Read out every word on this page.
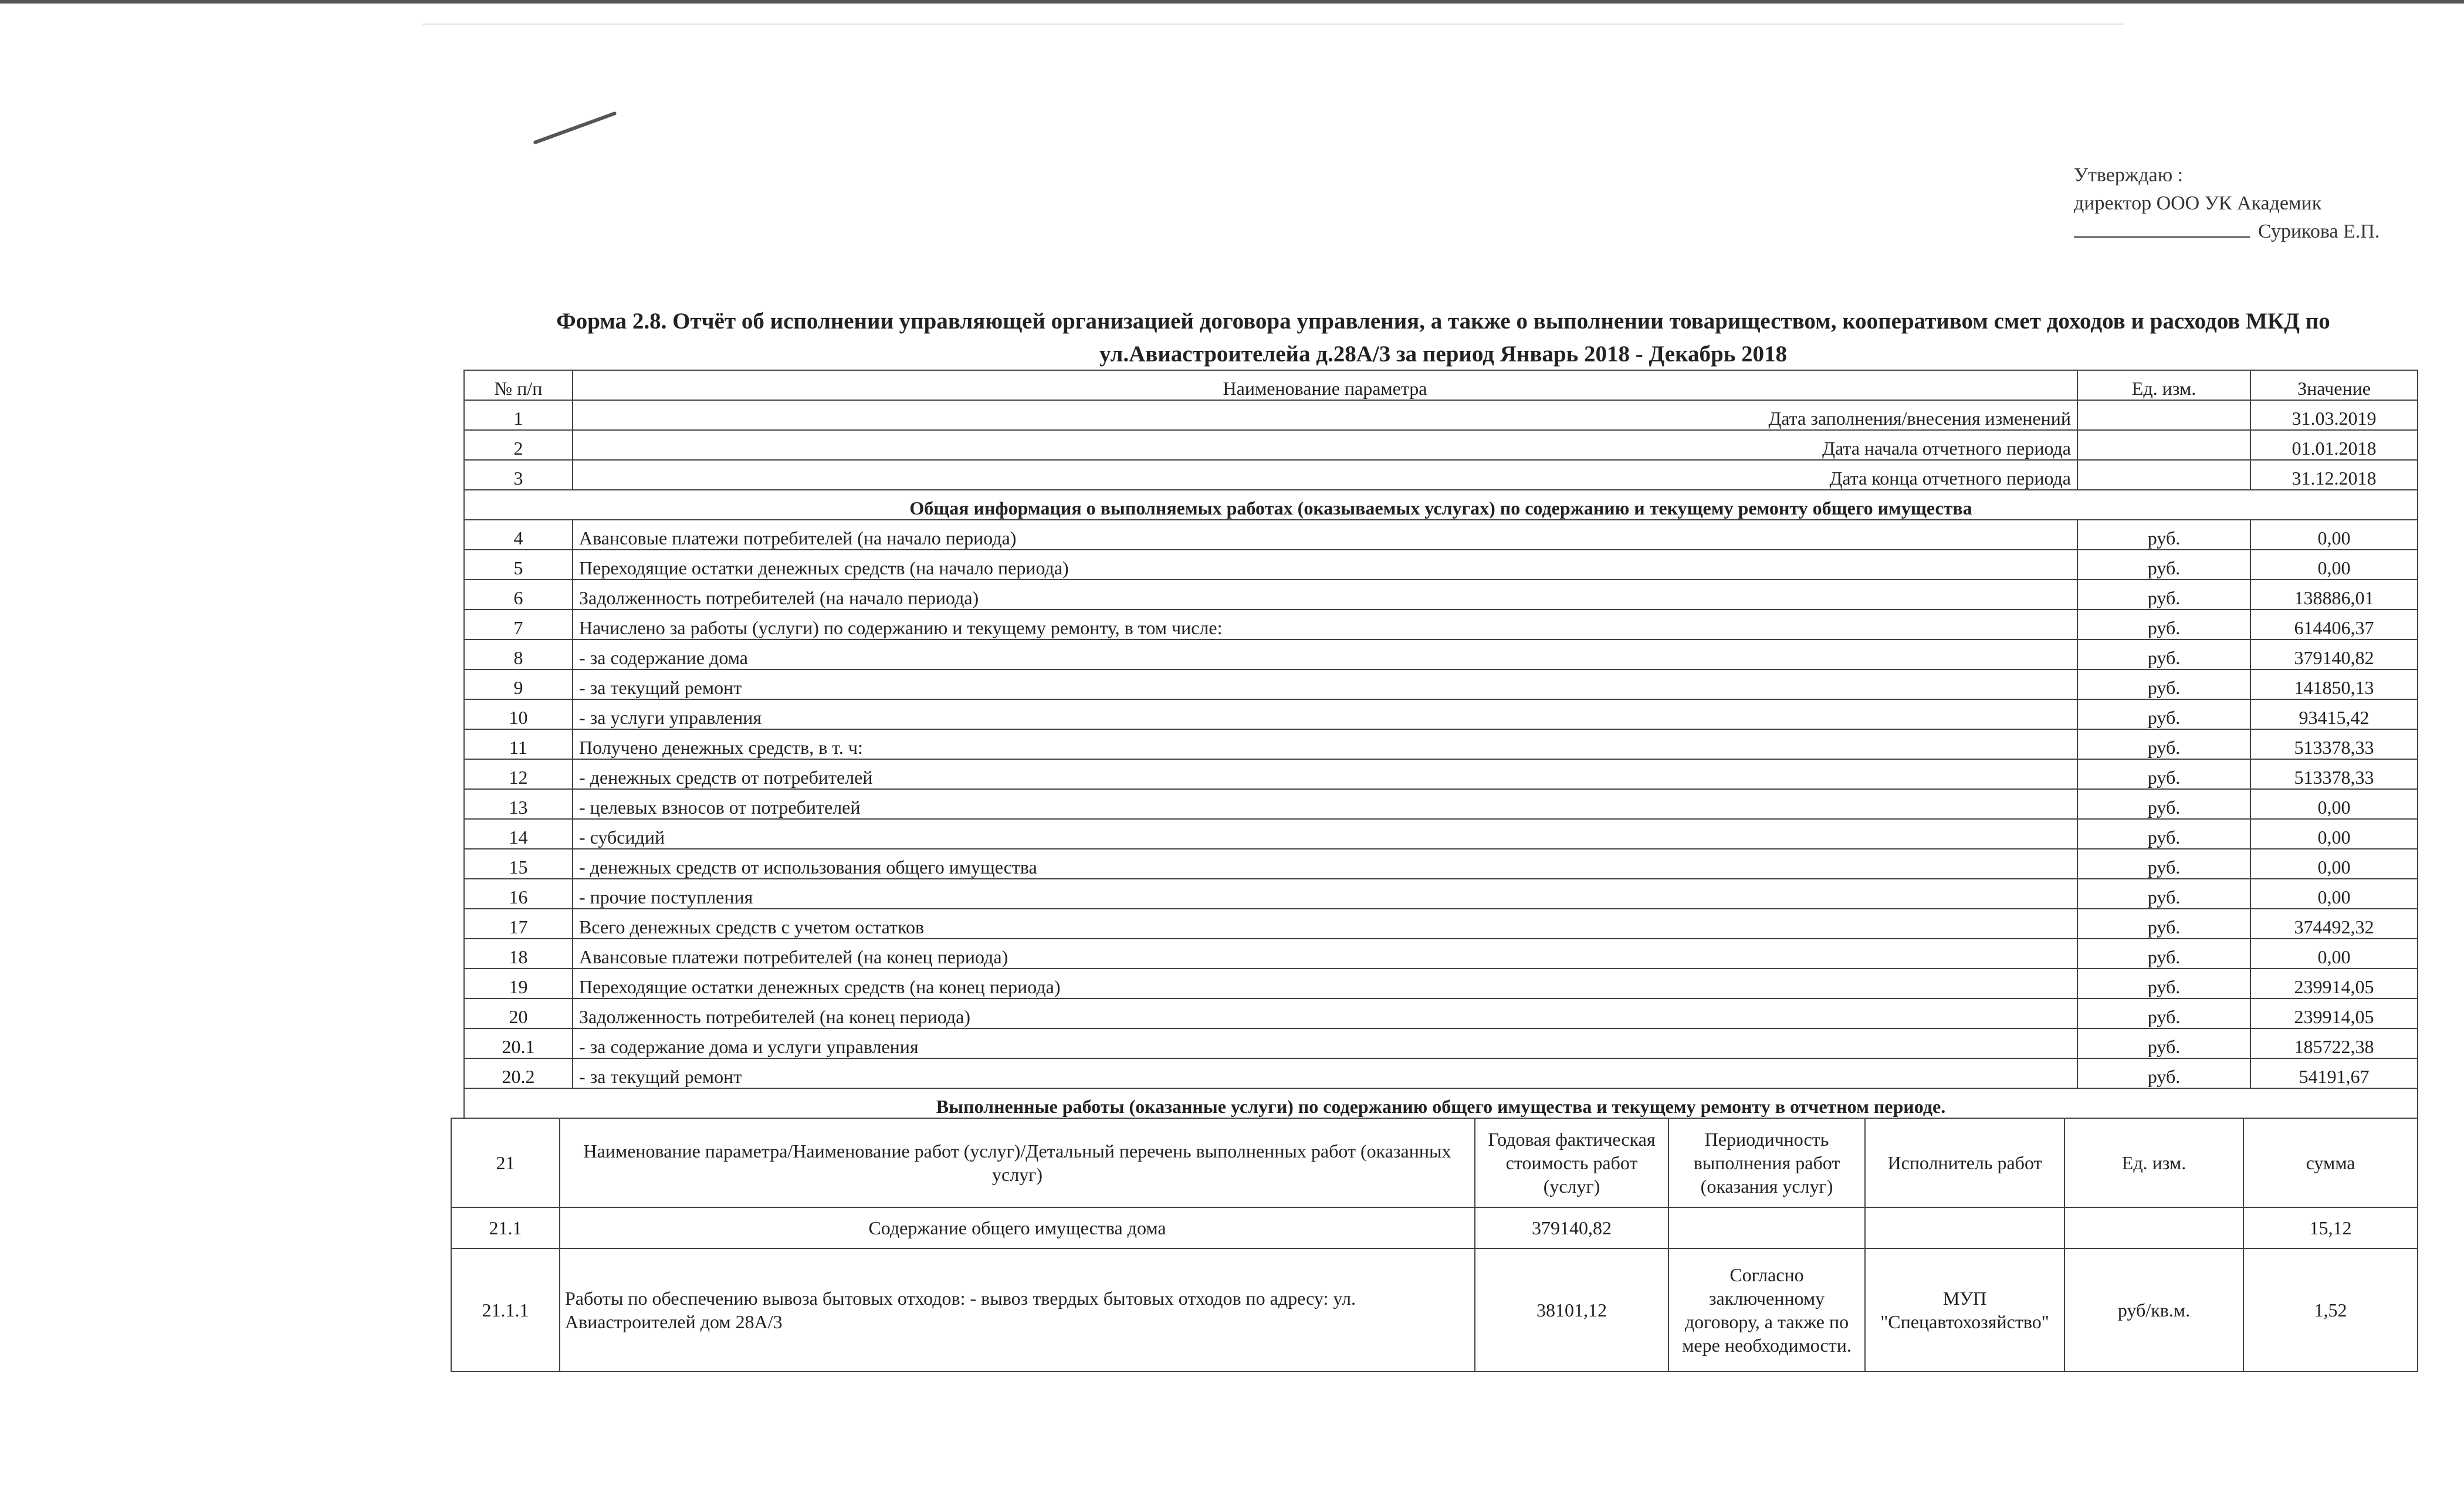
Утверждаю :
директор ООО УК Академик
Сурикова Е.П.
Форма 2.8. Отчёт об исполнении управляющей организацией договора управления, а также о выполнении товариществом, кооперативом смет доходов и расходов МКД по
ул.Авиастроителейа д.28А/3 за период Январь 2018 - Декабрь 2018
№ п/п	Наименование параметра	Ед. изм.	Значение
1	Дата заполнения/внесения изменений		31.03.2019
2	Дата начала отчетного периода		01.01.2018
3	Дата конца отчетного периода		31.12.2018
Общая информация о выполняемых работах (оказываемых услугах) по содержанию и текущему ремонту общего имущества			
4	Авансовые платежи потребителей (на начало периода)	руб.	0,00
5	Переходящие остатки денежных средств (на начало периода)	руб.	0,00
6	Задолженность потребителей (на начало периода)	руб.	138886,01
7	Начислено за работы (услуги) по содержанию и текущему ремонту, в том числе:	руб.	614406,37
8	- за содержание дома	руб.	379140,82
9	- за текущий ремонт	руб.	141850,13
10	- за услуги управления	руб.	93415,42
11	Получено денежных средств, в т. ч:	руб.	513378,33
12	- денежных средств от потребителей	руб.	513378,33
13	- целевых взносов от потребителей	руб.	0,00
14	- субсидий	руб.	0,00
15	- денежных средств от использования общего имущества	руб.	0,00
16	- прочие поступления	руб.	0,00
17	Всего денежных средств с учетом остатков	руб.	374492,32
18	Авансовые платежи потребителей (на конец периода)	руб.	0,00
19	Переходящие остатки денежных средств (на конец периода)	руб.	239914,05
20	Задолженность потребителей (на конец периода)	руб.	239914,05
20.1	- за содержание дома и услуги управления	руб.	185722,38
20.2	- за текущий ремонт	руб.	54191,67
Выполненные работы (оказанные услуги) по содержанию общего имущества и текущему ремонту в отчетном периоде.			
21	Наименование параметра/Наименование работ (услуг)/Детальный перечень выполненных работ (оказанных услуг)	Годовая фактическая стоимость работ (услуг)	Периодичность выполнения работ (оказания услуг)	Исполнитель работ	Ед. изм.	сумма
21.1	Содержание общего имущества дома	379140,82				15,12
21.1.1	Работы по обеспечению вывоза бытовых отходов: - вывоз твердых бытовых отходов по адресу: ул. Авиастроителей дом 28А/3	38101,12	Согласно заключенному договору, а также по мере необходимости.	МУП "Спецавтохозяйство"	руб/кв.м.	1,52
